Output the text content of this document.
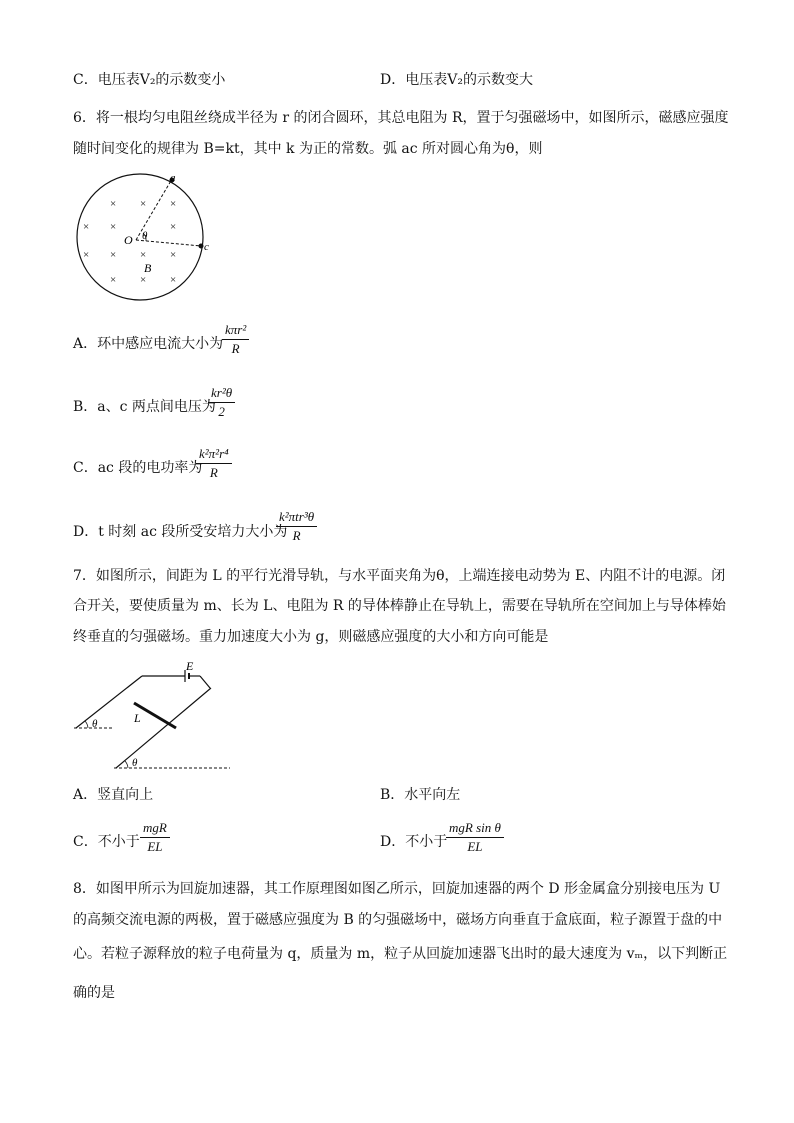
C．电压表V₂的示数变小	D．电压表V₂的示数变大
6．将一根均匀电阻丝绕成半径为 r 的闭合圆环，其总电阻为 R，置于匀强磁场中，如图所示，磁感应强度
随时间变化的规律为 B=kt，其中 k 为正的常数。弧 ac 所对圆心角为θ，则
a
c
O θ
B
× × ×
× ×	×
× × × ×
× × ×
A．环中感应电流大小为
kπr²
R
B．a、c 两点间电压为
$\frac{\text{kr²θ}}{2}$
C．ac 段的电功率为
$\frac{\text{k²π²r⁴}}{R}$
D．t 时刻 ac 段所受安培力大小为
k²πtr³θ
R
7．如图所示，间距为 L 的平行光滑导轨，与水平面夹角为θ，上端连接电动势为 E、内阻不计的电源。闭
合开关，要使质量为 m、长为 L、电阻为 R 的导体棒静止在导轨上，需要在导轨所在空间加上与导体棒始
终垂直的匀强磁场。重力加速度大小为 g，则磁感应强度的大小和方向可能是
E
L
θ
θ
A．竖直向上	B．水平向左
C．不小于
mgR
EL	D．不小于
mgR sin θ
EL
8．如图甲所示为回旋加速器，其工作原理图如图乙所示，回旋加速器的两个 D 形金属盒分别接电压为 U
的高频交流电源的两极，置于磁感应强度为 B 的匀强磁场中，磁场方向垂直于盒底面，粒子源置于盘的中
心。若粒子源释放的粒子电荷量为 q，质量为 m，粒子从回旋加速器飞出时的最大速度为 vₘ，以下判断正
确的是
